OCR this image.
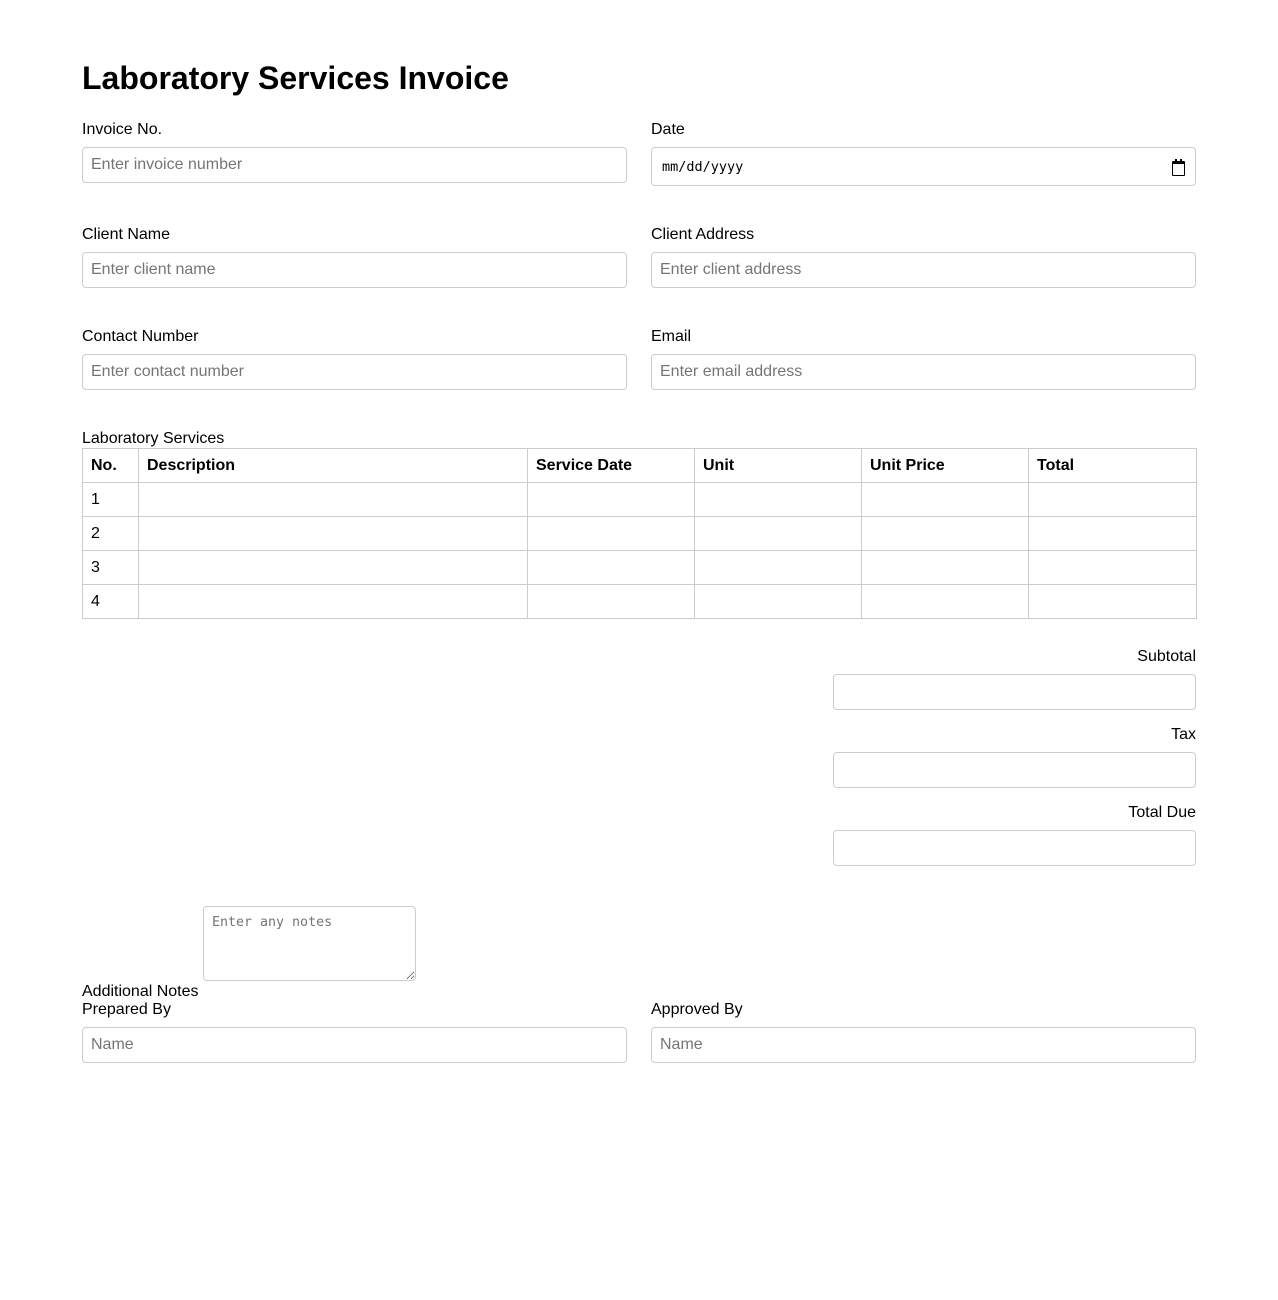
Laboratory Services Invoice
Invoice No.
Enter invoice number	Date
mm/dd/yyyy
Client Name
Enter client name	Client Address
Enter client address
Contact Number
Enter contact number	Email
Enter email address
Laboratory Services
No.	Description	Service Date	Unit	Unit Price	Total
1					
2					
3					
4					
Subtotal
Tax
Total Due
Additional Notes
Enter any notes
Prepared By
Name	Approved By
Name
